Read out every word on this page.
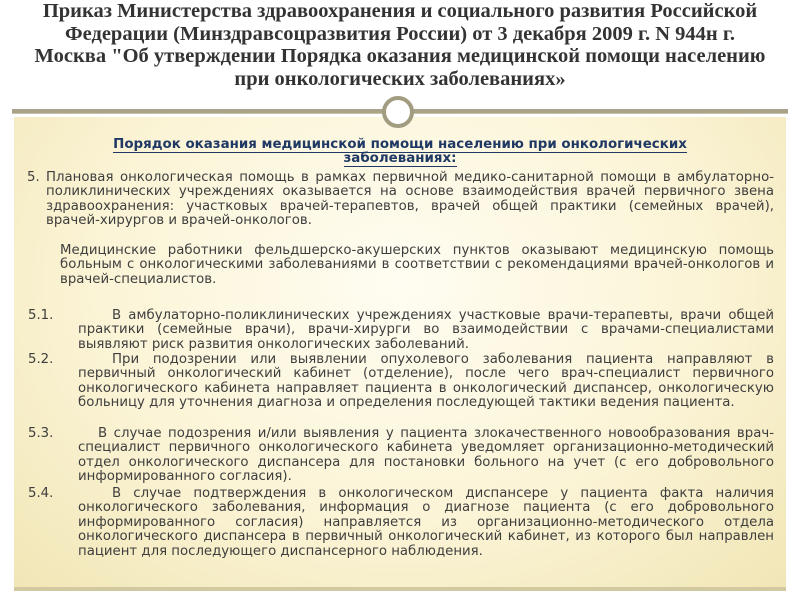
Приказ Министерства здравоохранения и социального развития Российской Федерации (Минздравсоцразвития России) от 3 декабря 2009 г. N 944н г. Москва "Об утверждении Порядка оказания медицинской помощи населению при онкологических заболеваниях»

Порядок оказания медицинской помощи населению при онкологических заболеваниях:

5. Плановая онкологическая помощь в рамках первичной медико-санитарной помощи в амбулаторно-поликлинических учреждениях оказывается на основе взаимодействия врачей первичного звена здравоохранения: участковых врачей-терапевтов, врачей общей практики (семейных врачей), врачей-хирургов и врачей-онкологов.

Медицинские работники фельдшерско-акушерских пунктов оказывают медицинскую помощь больным с онкологическими заболеваниями в соответствии с рекомендациями врачей-онкологов и врачей-специалистов.

5.1.	В амбулаторно-поликлинических учреждениях участковые врачи-терапевты, врачи общей практики (семейные врачи), врачи-хирурги во взаимодействии с врачами-специалистами выявляют риск развития онкологических заболеваний.

5.2.	При подозрении или выявлении опухолевого заболевания пациента направляют в первичный онкологический кабинет (отделение), после чего врач-специалист первичного онкологического кабинета направляет пациента в онкологический диспансер, онкологическую больницу для уточнения диагноза и определения последующей тактики ведения пациента.

5.3.	В случае подозрения и/или выявления у пациента злокачественного новообразования врач-специалист первичного онкологического кабинета уведомляет организационно-методический отдел онкологического диспансера для постановки больного на учет (с его добровольного информированного согласия).

5.4.	В случае подтверждения в онкологическом диспансере у пациента факта наличия онкологического заболевания, информация о диагнозе пациента (с его добровольного информированного согласия) направляется из организационно-методического отдела онкологического диспансера в первичный онкологический кабинет, из которого был направлен пациент для последующего диспансерного наблюдения.
